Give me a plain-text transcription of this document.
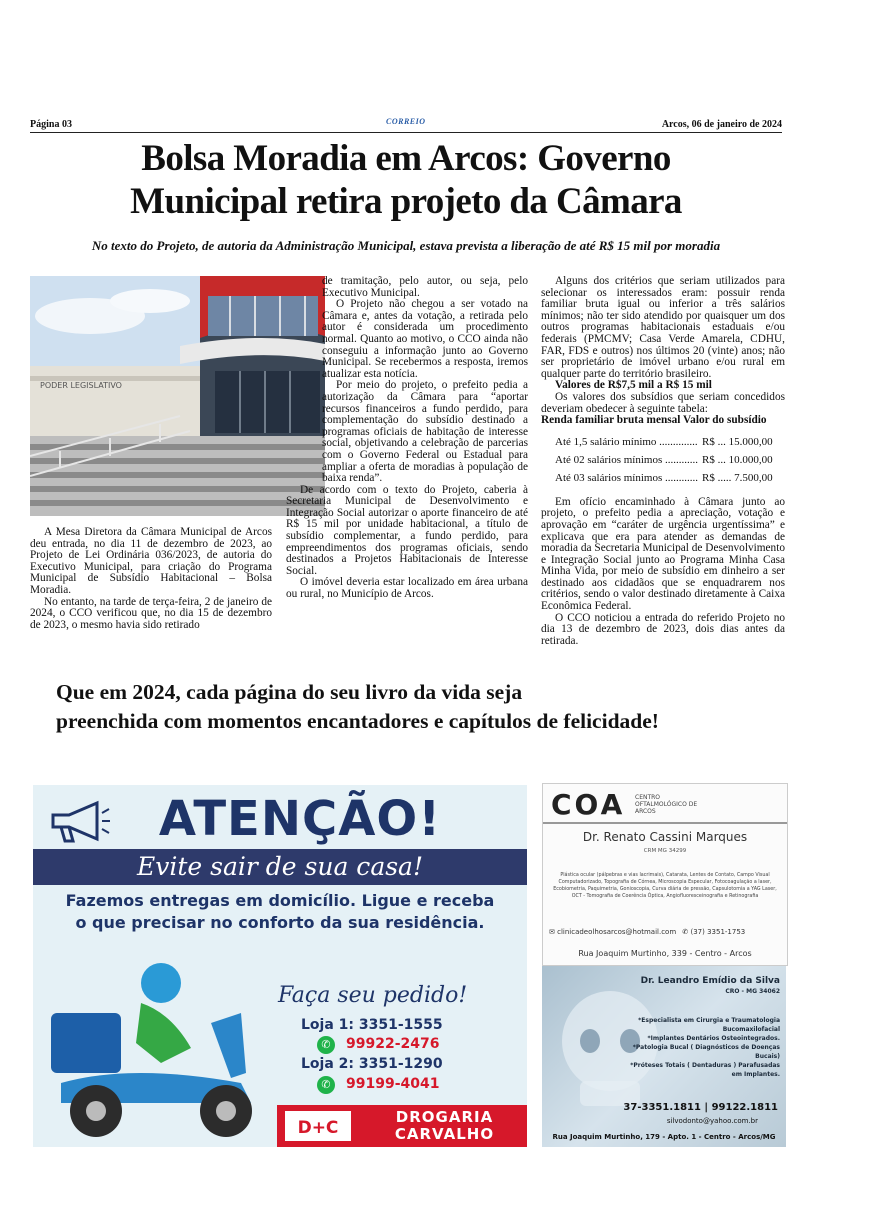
Página 03	CORREIO	Arcos, 06 de janeiro de 2024
Bolsa Moradia em Arcos: Governo
Municipal retira projeto da Câmara
No texto do Projeto, de autoria da Administração Municipal, estava prevista a liberação de até R$ 15 mil por moradia
PODER LEGISLATIVO

A Mesa Diretora da Câmara Municipal de Arcos deu entrada, no dia 11 de dezembro de 2023, ao Projeto de Lei Ordinária 036/2023, de autoria do Executivo Municipal, para criação do Programa Municipal de Subsídio Habitacional – Bolsa Moradia.

No entanto, na tarde de terça-feira, 2 de janeiro de 2024, o CCO verificou que, no dia 15 de dezembro de 2023, o mesmo havia sido retirado

de tramitação, pelo autor, ou seja, pelo Executivo Municipal.

O Projeto não chegou a ser votado na Câmara e, antes da votação, a retirada pelo autor é considerada um procedimento normal. Quanto ao motivo, o CCO ainda não conseguiu a informação junto ao Governo Municipal. Se recebermos a resposta, iremos atualizar esta notícia.

Por meio do projeto, o prefeito pedia a autorização da Câmara para “aportar recursos financeiros a fundo perdido, para complementação do subsídio destinado a programas oficiais de habitação de interesse social, objetivando a celebração de parcerias com o Governo Federal ou Estadual para ampliar a oferta de moradias à população de baixa renda”.

De acordo com o texto do Projeto, caberia à Secretaria Municipal de Desenvolvimento e Integração Social autorizar o aporte financeiro de até R$ 15 mil por unidade habitacional, a título de subsídio complementar, a fundo perdido, para empreendimentos dos programas oficiais, sendo destinados a Projetos Habitacionais de Interesse Social.

O imóvel deveria estar localizado em área urbana ou rural, no Município de Arcos.

Alguns dos critérios que seriam utilizados para selecionar os interessados eram: possuir renda familiar bruta igual ou inferior a três salários mínimos; não ter sido atendido por quaisquer um dos outros programas habitacionais estaduais e/ou federais (PMCMV; Casa Verde Amarela, CDHU, FAR, FDS e outros) nos últimos 20 (vinte) anos; não ser proprietário de imóvel urbano e/ou rural em qualquer parte do território brasileiro.

Valores de R$7,5 mil a R$ 15 mil

Os valores dos subsídios que seriam concedidos deveriam obedecer à seguinte tabela:

Renda familiar bruta mensal Valor do subsídio

Até 1,5 salário mínimo .............. R$ ... 15.000,00
Até 02 salários mínimos ............ R$ ... 10.000,00
Até 03 salários mínimos ............ R$ ..... 7.500,00

Em ofício encaminhado à Câmara junto ao projeto, o prefeito pedia a apreciação, votação e aprovação em “caráter de urgência urgentíssima” e explicava que era para atender as demandas de moradia da Secretaria Municipal de Desenvolvimento e Integração Social junto ao Programa Minha Casa Minha Vida, por meio de subsídio em dinheiro a ser destinado aos cidadãos que se enquadrarem nos critérios, sendo o valor destinado diretamente à Caixa Econômica Federal.

O CCO noticiou a entrada do referido Projeto no dia 13 de dezembro de 2023, dois dias antes da retirada.

Que em 2024, cada página do seu livro da vida seja
preenchida com momentos encantadores e capítulos de felicidade!
ATENÇÃO!
Evite sair de sua casa!
Fazemos entregas em domicílio. Ligue e receba
o que precisar no conforto da sua residência.
Faça seu pedido!
Loja 1: 3351-1555
✆	99922-2476
Loja 2: 3351-1290
✆	99199-4041
D+C
DROGARIA
CARVALHO
COA CENTRO OFTALMOLÓGICO DE ARCOS
Dr. Renato Cassini Marques
CRM MG 34299
Plástica ocular (pálpebras e vias lacrimais), Catarata, Lentes de Contato, Campo Visual Computadorizado, Topografia de Córnea, Microscopia Especular, Fotocoagulação a laser, Ecobiometria, Paquimetria, Gonioscopia, Curva diária de pressão, Capsulotomia a YAG Laser, OCT - Tomografia de Coerência Óptica, Angiofluoresceinografia e Retinografia
✉ clinicadeolhosarcos@hotmail.com ✆ (37) 3351-1753
Rua Joaquim Murtinho, 339 - Centro - Arcos
Dr. Leandro Emídio da Silva
CRO - MG 34062
*Especialista em Cirurgia e Traumatologia Bucomaxilofacial
*Implantes Dentários Osteointegrados.
*Patologia Bucal ( Diagnósticos de Doenças Bucais)
*Próteses Totais ( Dentaduras ) Parafusadas em Implantes.
37-3351.1811 | 99122.1811
silvodonto@yahoo.com.br
Rua Joaquim Murtinho, 179 - Apto. 1 - Centro - Arcos/MG
